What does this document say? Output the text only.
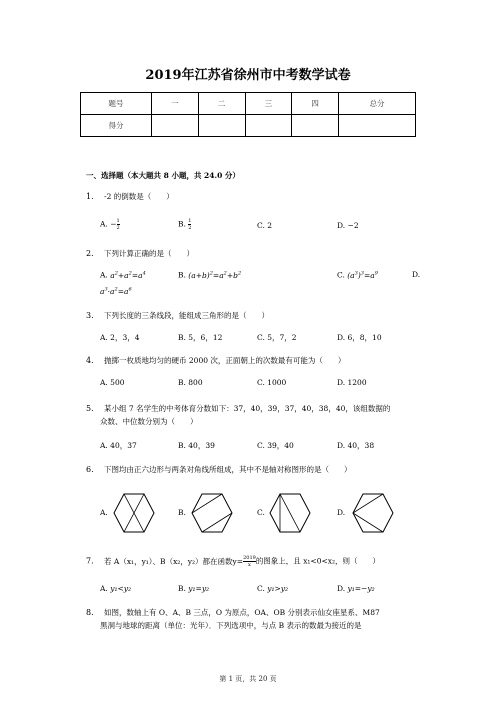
2019年江苏省徐州市中考数学试卷
题号	一	二	三	四	总分
得分					
一、选择题（本大题共 8 小题，共 24.0 分）
1. -2 的倒数是（　　）
A. − $\frac{1}{2}$	B. $\frac{1}{2}$	C. 2	D. −2
2. 下列计算正确的是（　　）
A. $a^2+a^2=a^4$	B. $(a+b)^2=a^2+b^2$	C. $(a^3)^3=a^9$	D.
$a^3\cdot a^2=a^6$
3. 下列长度的三条线段，能组成三角形的是（　　）
A. 2，3，4	B. 5，6，12	C. 5，7，2	D. 6，8，10
4. 抛掷一枚质地均匀的硬币 2000 次，正面朝上的次数最有可能为（　　）
A. 500	B. 800	C. 1000	D. 1200
5. 某小组 7 名学生的中考体育分数如下：37，40，39，37，40，38，40，该组数据的
众数、中位数分别为（　　）
A. 40，37	B. 40，39	C. 39，40	D. 40，38
6. 下图均由正六边形与两条对角线所组成，其中不是轴对称图形的是（　　）
A.	B.	C.	D.
7. 若 A（x₁，y₁）、B（x₂，y₂）都在函数$y= \frac{2019}{x}$ 的图象上，且 x₁<0<x₂，则（　　）
A. y₁<y₂	B. y₁=y₂	C. y₁>y₂	D. y₁=−y₂
8. 如图，数轴上有 O、A、B 三点，O 为原点，OA、OB 分别表示仙女座星系、M87
黑洞与地球的距离（单位：光年）．下列选项中，与点 B 表示的数最为接近的是
第 1 页，共 20 页
